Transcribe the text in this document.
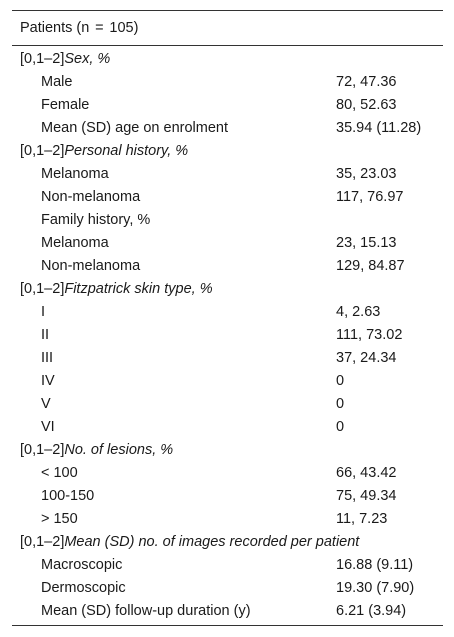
Patients (n  =  105)
[0,1–2]Sex, %
Male	72, 47.36
Female	80, 52.63
Mean (SD) age on enrolment	35.94 (11.28)
[0,1–2]Personal history, %
Melanoma	35, 23.03
Non-melanoma	117, 76.97
Family history, %
Melanoma	23, 15.13
Non-melanoma	129, 84.87
[0,1–2]Fitzpatrick skin type, %
I	4, 2.63
II	111, 73.02
III	37, 24.34
IV	0
V	0
VI	0
[0,1–2]No. of lesions, %
< 100	66, 43.42
100-150	75, 49.34
> 150	11, 7.23
[0,1–2]Mean (SD) no. of images recorded per patient
Macroscopic	16.88 (9.11)
Dermoscopic	19.30 (7.90)
Mean (SD) follow-up duration (y)	6.21 (3.94)
